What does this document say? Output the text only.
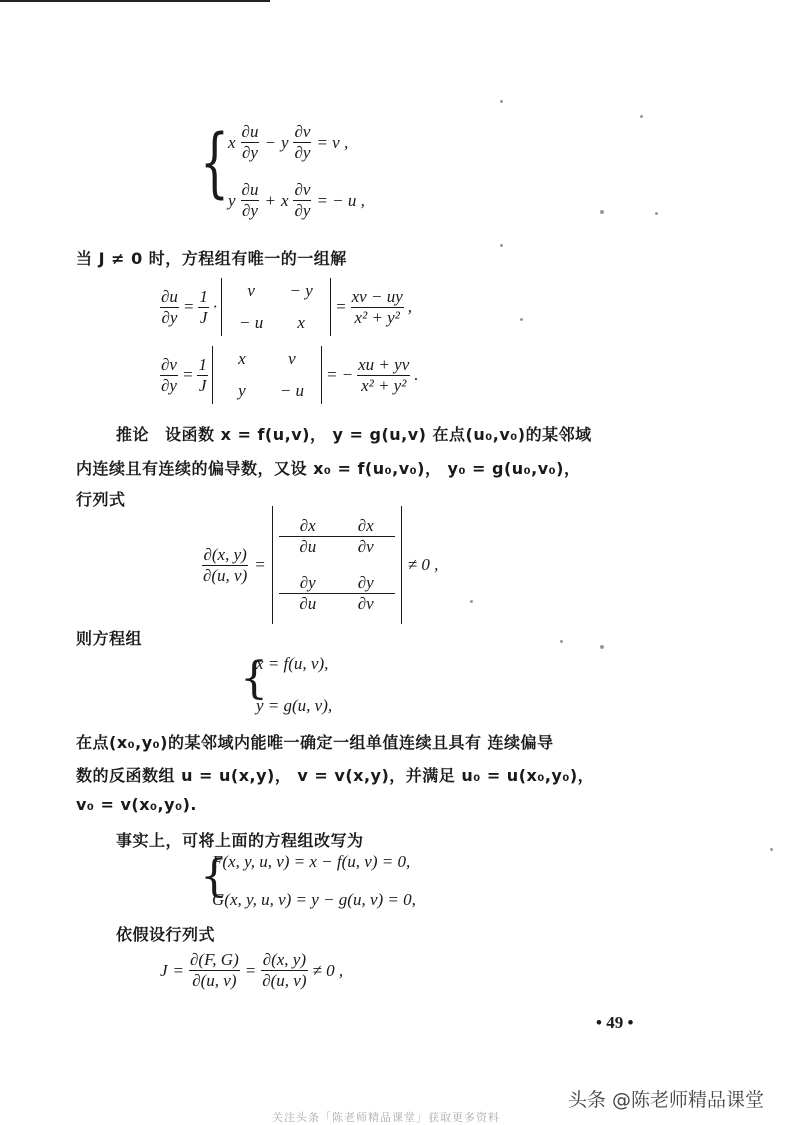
{
x $\frac{\partial u}{\partial y} - y \frac{\partial v}{\partial y} = v$ ,
y $\frac{\partial u}{\partial y} + x \frac{\partial v}{\partial y}$ = − u ,
当 J ≠ 0 时，方程组有唯一的一组解
$\frac{\partial u}{\partial y} = \frac{1}{J}$ ·
v	− y
− u	x
= $\frac{xv - uy}{\text{x² + y²}}$ ,
$\frac{\partial v}{\partial y} = \frac{1}{J}$	x	v
y	− u
= − $\frac{xu + yv}{\text{x² + y²}}$ .
推论 设函数 x = f(u,v)， y = g(u,v) 在点(u₀,v₀)的某邻域
内连续且有连续的偏导数，又设 x₀ = f(u₀,v₀)， y₀ = g(u₀,v₀)，
行列式
$\frac{\partial(x, y)}{\partial(u, v)}$ =
$\frac{\partial x}{\partial u} \frac{\partial x}{\partial v}$
$\frac{\partial y}{\partial u} \frac{\partial y}{\partial v}$
≠ 0 ,
则方程组
{
x = f(u, v),
y = g(u, v),
在点(x₀,y₀)的某邻域内能唯一确定一组单值连续且具有 连续偏导
数的反函数组 u = u(x,y)， v = v(x,y)，并满足 u₀ = u(x₀,y₀)，
v₀ = v(x₀,y₀).
事实上，可将上面的方程组改写为
{
F(x, y, u, v) = x − f(u, v) = 0,
G(x, y, u, v) = y − g(u, v) = 0,
依假设行列式
$J = \frac{\partial(F, G)}{\partial(u, v)} = \frac{\partial(x, y)}{\partial(u, v)} \ne 0$ ,
• 49 •
头条 @陈老师精品课堂
关注头条「陈老师精品课堂」获取更多资料
